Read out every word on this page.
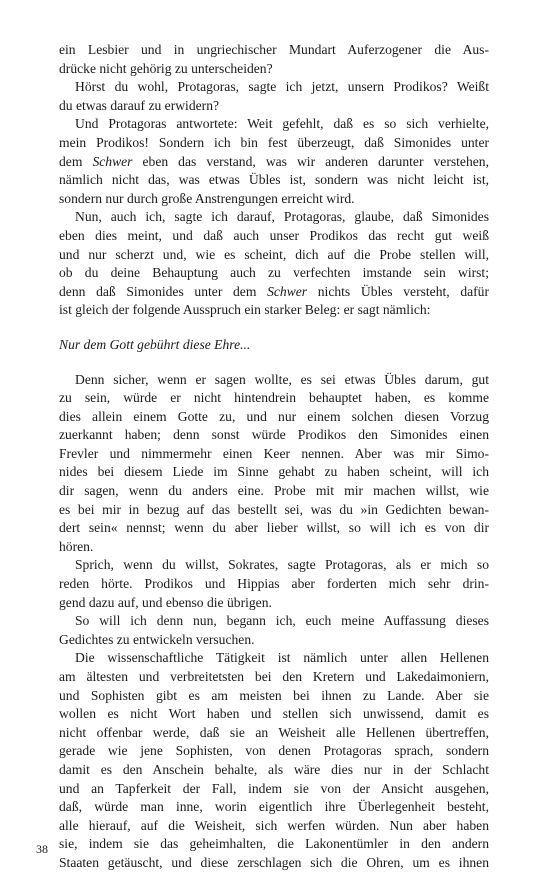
ein Lesbier und in ungriechischer Mundart Auferzogener die Aus-
drücke nicht gehörig zu unterscheiden?
Hörst du wohl, Protagoras, sagte ich jetzt, unsern Prodikos? Weißt
du etwas darauf zu erwidern?
Und Protagoras antwortete: Weit gefehlt, daß es so sich verhielte,
mein Prodikos! Sondern ich bin fest überzeugt, daß Simonides unter
dem Schwer eben das verstand, was wir anderen darunter verstehen,
nämlich nicht das, was etwas Übles ist, sondern was nicht leicht ist,
sondern nur durch große Anstrengungen erreicht wird.
Nun, auch ich, sagte ich darauf, Protagoras, glaube, daß Simonides
eben dies meint, und daß auch unser Prodikos das recht gut weiß
und nur scherzt und, wie es scheint, dich auf die Probe stellen will,
ob du deine Behauptung auch zu verfechten imstande sein wirst;
denn daß Simonides unter dem Schwer nichts Übles versteht, dafür
ist gleich der folgende Ausspruch ein starker Beleg: er sagt nämlich:
Nur dem Gott gebührt diese Ehre...
Denn sicher, wenn er sagen wollte, es sei etwas Übles darum, gut
zu sein, würde er nicht hintendrein behauptet haben, es komme
dies allein einem Gotte zu, und nur einem solchen diesen Vorzug
zuerkannt haben; denn sonst würde Prodikos den Simonides einen
Frevler und nimmermehr einen Keer nennen. Aber was mir Simo-
nides bei diesem Liede im Sinne gehabt zu haben scheint, will ich
dir sagen, wenn du anders eine. Probe mit mir machen willst, wie
es bei mir in bezug auf das bestellt sei, was du »in Gedichten bewan-
dert sein« nennst; wenn du aber lieber willst, so will ich es von dir
hören.
Sprich, wenn du willst, Sokrates, sagte Protagoras, als er mich so
reden hörte. Prodikos und Hippias aber forderten mich sehr drin-
gend dazu auf, und ebenso die übrigen.
So will ich denn nun, begann ich, euch meine Auffassung dieses
Gedichtes zu entwickeln versuchen.
Die wissenschaftliche Tätigkeit ist nämlich unter allen Hellenen
am ältesten und verbreitetsten bei den Kretern und Lakedaimoniern,
und Sophisten gibt es am meisten bei ihnen zu Lande. Aber sie
wollen es nicht Wort haben und stellen sich unwissend, damit es
nicht offenbar werde, daß sie an Weisheit alle Hellenen übertreffen,
gerade wie jene Sophisten, von denen Protagoras sprach, sondern
damit es den Anschein behalte, als wäre dies nur in der Schlacht
und an Tapferkeit der Fall, indem sie von der Ansicht ausgehen,
daß, würde man inne, worin eigentlich ihre Überlegenheit besteht,
alle hierauf, auf die Weisheit, sich werfen würden. Nun aber haben
sie, indem sie das geheimhalten, die Lakonentümler in den andern
Staaten getäuscht, und diese zerschlagen sich die Ohren, um es ihnen
38
